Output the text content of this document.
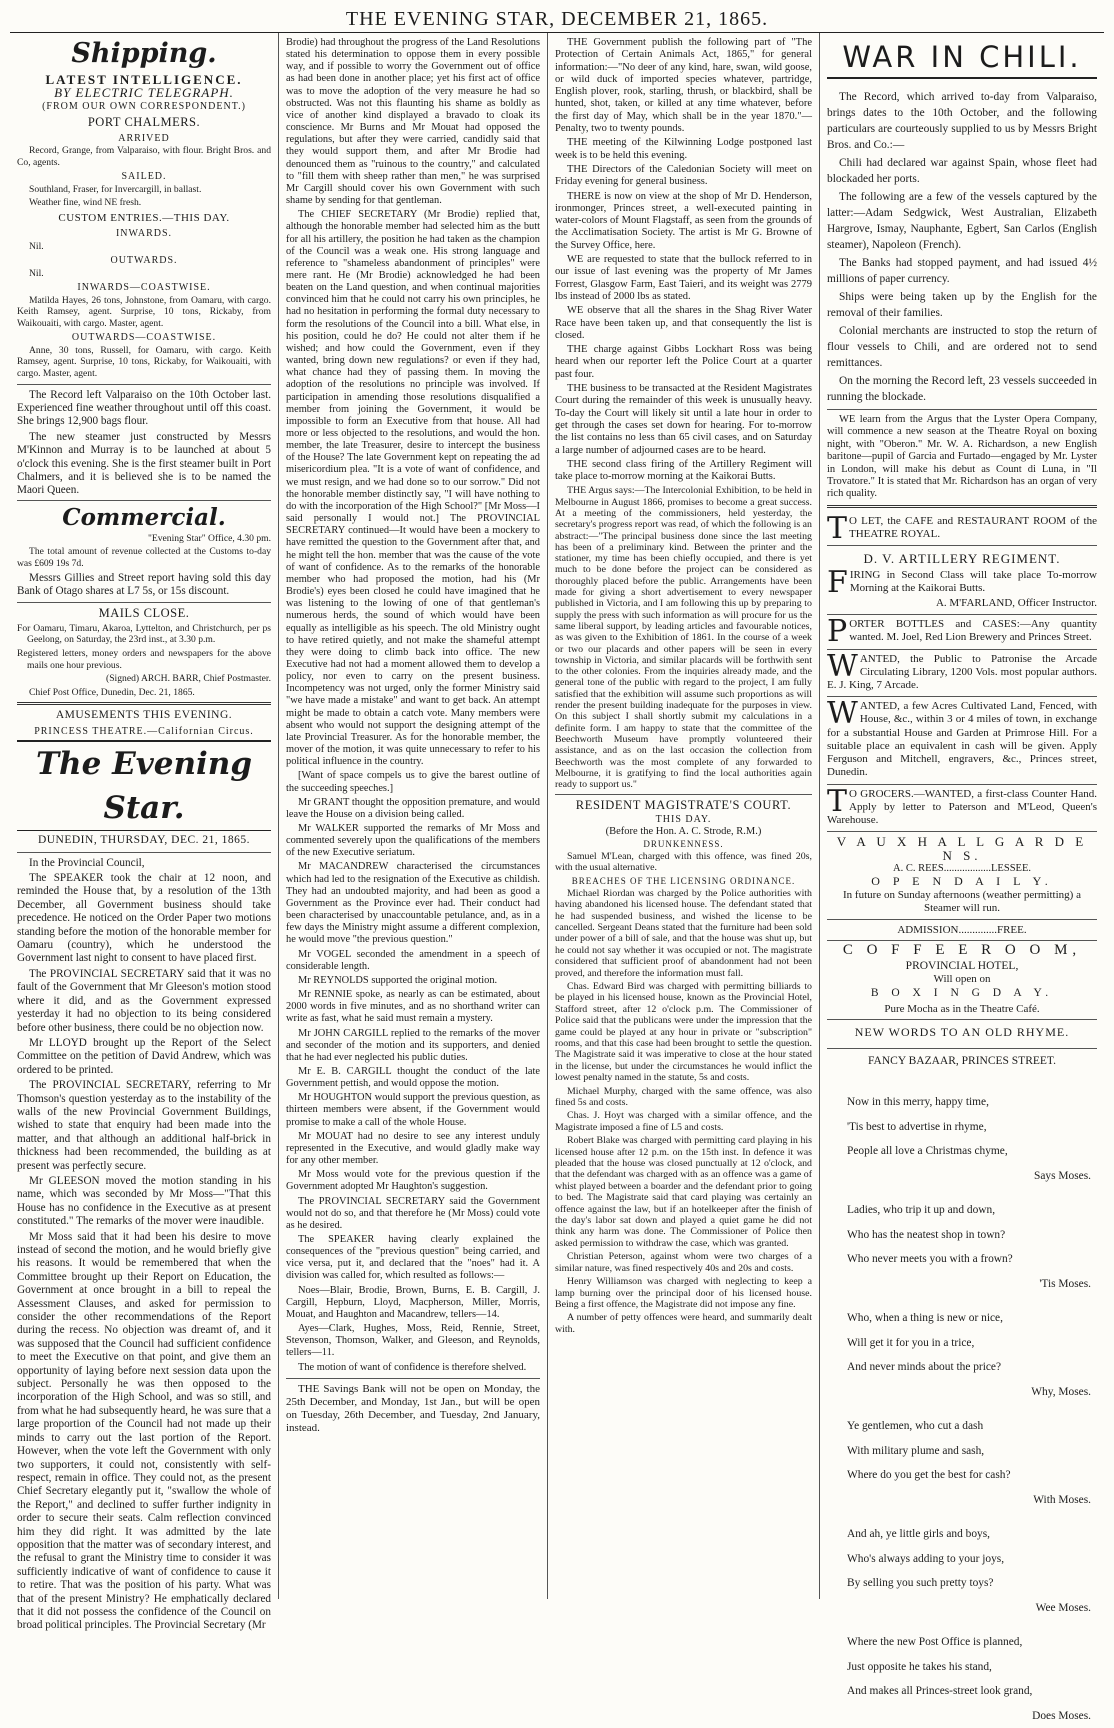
THE EVENING STAR, DECEMBER 21, 1865.
Shipping.
LATEST INTELLIGENCE.
BY ELECTRIC TELEGRAPH.
(FROM OUR OWN CORRESPONDENT.)
PORT CHALMERS.
ARRIVED

Record, Grange, from Valparaiso, with flour. Bright Bros. and Co, agents.

SAILED.

Southland, Fraser, for Invercargill, in ballast.

Weather fine, wind NE fresh.

CUSTOM ENTRIES.—THIS DAY.
INWARDS.

Nil.

OUTWARDS.

Nil.

INWARDS—COASTWISE.

Matilda Hayes, 26 tons, Johnstone, from Oamaru, with cargo. Keith Ramsey, agent. Surprise, 10 tons, Rickaby, from Waikouaiti, with cargo. Master, agent.

OUTWARDS—COASTWISE.

Anne, 30 tons, Russell, for Oamaru, with cargo. Keith Ramsey, agent. Surprise, 10 tons, Rickaby, for Waikouaiti, with cargo. Master, agent.

The Record left Valparaiso on the 10th October last. Experienced fine weather throughout until off this coast. She brings 12,900 bags flour.

The new steamer just constructed by Messrs M'Kinnon and Murray is to be launched at about 5 o'clock this evening. She is the first steamer built in Port Chalmers, and it is believed she is to be named the Maori Queen.

Commercial.

"Evening Star" Office, 4.30 pm.

The total amount of revenue collected at the Customs to-day was £609 19s 7d.

Messrs Gillies and Street report having sold this day Bank of Otago shares at L7 5s, or 15s discount.

MAILS CLOSE.

For Oamaru, Timaru, Akaroa, Lyttelton, and Christchurch, per ps Geelong, on Saturday, the 23rd inst., at 3.30 p.m.

Registered letters, money orders and newspapers for the above mails one hour previous.

(Signed) ARCH. BARR, Chief Postmaster.

Chief Post Office, Dunedin, Dec. 21, 1865.

AMUSEMENTS THIS EVENING.
PRINCESS THEATRE.—Californian Circus.
The Evening Star.
DUNEDIN, THURSDAY, DEC. 21, 1865.

In the Provincial Council,

The SPEAKER took the chair at 12 noon, and reminded the House that, by a resolution of the 13th December, all Government business should take precedence. He noticed on the Order Paper two motions standing before the motion of the honorable member for Oamaru (country), which he understood the Government last night to consent to have placed first.

The PROVINCIAL SECRETARY said that it was no fault of the Government that Mr Gleeson's motion stood where it did, and as the Government expressed yesterday it had no objection to its being considered before other business, there could be no objection now.

Mr LLOYD brought up the Report of the Select Committee on the petition of David Andrew, which was ordered to be printed.

The PROVINCIAL SECRETARY, referring to Mr Thomson's question yesterday as to the instability of the walls of the new Provincial Government Buildings, wished to state that enquiry had been made into the matter, and that although an additional half-brick in thickness had been recommended, the building as at present was perfectly secure.

Mr GLEESON moved the motion standing in his name, which was seconded by Mr Moss—"That this House has no confidence in the Executive as at present constituted." The remarks of the mover were inaudible.

Mr Moss said that it had been his desire to move instead of second the motion, and he would briefly give his reasons. It would be remembered that when the Committee brought up their Report on Education, the Government at once brought in a bill to repeal the Assessment Clauses, and asked for permission to consider the other recommendations of the Report during the recess. No objection was dreamt of, and it was supposed that the Council had sufficient confidence to meet the Executive on that point, and give them an opportunity of laying before next session data upon the subject. Personally he was then opposed to the incorporation of the High School, and was so still, and from what he had subsequently heard, he was sure that a large proportion of the Council had not made up their minds to carry out the last portion of the Report. However, when the vote left the Government with only two supporters, it could not, consistently with self-respect, remain in office. They could not, as the present Chief Secretary elegantly put it, "swallow the whole of the Report," and declined to suffer further indignity in order to secure their seats. Calm reflection convinced him they did right. It was admitted by the late opposition that the matter was of secondary interest, and the refusal to grant the Ministry time to consider it was sufficiently indicative of want of confidence to cause it to retire. That was the position of his party. What was that of the present Ministry? He emphatically declared that it did not possess the confidence of the Council on broad political principles. The Provincial Secretary (Mr

Brodie) had throughout the progress of the Land Resolutions stated his determination to oppose them in every possible way, and if possible to worry the Government out of office as had been done in another place; yet his first act of office was to move the adoption of the very measure he had so obstructed. Was not this flaunting his shame as boldly as vice of another kind displayed a bravado to cloak its conscience. Mr Burns and Mr Mouat had opposed the regulations, but after they were carried, candidly said that they would support them, and after Mr Brodie had denounced them as "ruinous to the country," and calculated to "fill them with sheep rather than men," he was surprised Mr Cargill should cover his own Government with such shame by sending for that gentleman.

The CHIEF SECRETARY (Mr Brodie) replied that, although the honorable member had selected him as the butt for all his artillery, the position he had taken as the champion of the Council was a weak one. His strong language and reference to "shameless abandonment of principles" were mere rant. He (Mr Brodie) acknowledged he had been beaten on the Land question, and when continual majorities convinced him that he could not carry his own principles, he had no hesitation in performing the formal duty necessary to form the resolutions of the Council into a bill. What else, in his position, could he do? He could not alter them if he wished; and how could the Government, even if they wanted, bring down new regulations? or even if they had, what chance had they of passing them. In moving the adoption of the resolutions no principle was involved. If participation in amending those resolutions disqualified a member from joining the Government, it would be impossible to form an Executive from that house. All had more or less objected to the resolutions, and would the hon. member, the late Treasurer, desire to intercept the business of the House? The late Government kept on repeating the ad misericordium plea. "It is a vote of want of confidence, and we must resign, and we had done so to our sorrow." Did not the honorable member distinctly say, "I will have nothing to do with the incorporation of the High School?" [Mr Moss—I said personally I would not.] The PROVINCIAL SECRETARY continued—It would have been a mockery to have remitted the question to the Government after that, and he might tell the hon. member that was the cause of the vote of want of confidence. As to the remarks of the honorable member who had proposed the motion, had his (Mr Brodie's) eyes been closed he could have imagined that he was listening to the lowing of one of that gentleman's numerous herds, the sound of which would have been equally as intelligible as his speech. The old Ministry ought to have retired quietly, and not make the shameful attempt they were doing to climb back into office. The new Executive had not had a moment allowed them to develop a policy, nor even to carry on the present business. Incompetency was not urged, only the former Ministry said "we have made a mistake" and want to get back. An attempt might be made to obtain a catch vote. Many members were absent who would not support the designing attempt of the late Provincial Treasurer. As for the honorable member, the mover of the motion, it was quite unnecessary to refer to his political influence in the country.

[Want of space compels us to give the barest outline of the succeeding speeches.]

Mr GRANT thought the opposition premature, and would leave the House on a division being called.

Mr WALKER supported the remarks of Mr Moss and commented severely upon the qualifications of the members of the new Executive seriatum.

Mr MACANDREW characterised the circumstances which had led to the resignation of the Executive as childish. They had an undoubted majority, and had been as good a Government as the Province ever had. Their conduct had been characterised by unaccountable petulance, and, as in a few days the Ministry might assume a different complexion, he would move "the previous question."

Mr VOGEL seconded the amendment in a speech of considerable length.

Mr REYNOLDS supported the original motion.

Mr RENNIE spoke, as nearly as can be estimated, about 2000 words in five minutes, and as no shorthand writer can write as fast, what he said must remain a mystery.

Mr JOHN CARGILL replied to the remarks of the mover and seconder of the motion and its supporters, and denied that he had ever neglected his public duties.

Mr E. B. CARGILL thought the conduct of the late Government pettish, and would oppose the motion.

Mr HOUGHTON would support the previous question, as thirteen members were absent, if the Government would promise to make a call of the whole House.

Mr MOUAT had no desire to see any interest unduly represented in the Executive, and would gladly make way for any other member.

Mr Moss would vote for the previous question if the Government adopted Mr Haughton's suggestion.

The PROVINCIAL SECRETARY said the Government would not do so, and that therefore he (Mr Moss) could vote as he desired.

The SPEAKER having clearly explained the consequences of the "previous question" being carried, and vice versa, put it, and declared that the "noes" had it. A division was called for, which resulted as follows:—

Noes—Blair, Brodie, Brown, Burns, E. B. Cargill, J. Cargill, Hepburn, Lloyd, Macpherson, Miller, Morris, Mouat, and Haughton and Macandrew, tellers—14.

Ayes—Clark, Hughes, Moss, Reid, Rennie, Street, Stevenson, Thomson, Walker, and Gleeson, and Reynolds, tellers—11.

The motion of want of confidence is therefore shelved.

THE Savings Bank will not be open on Monday, the 25th December, and Monday, 1st Jan., but will be open on Tuesday, 26th December, and Tuesday, 2nd January, instead.

THE Government publish the following part of "The Protection of Certain Animals Act, 1865," for general information:—"No deer of any kind, hare, swan, wild goose, or wild duck of imported species whatever, partridge, English plover, rook, starling, thrush, or blackbird, shall be hunted, shot, taken, or killed at any time whatever, before the first day of May, which shall be in the year 1870."—Penalty, two to twenty pounds.

THE meeting of the Kilwinning Lodge postponed last week is to be held this evening.

THE Directors of the Caledonian Society will meet on Friday evening for general business.

THERE is now on view at the shop of Mr D. Henderson, ironmonger, Princes street, a well-executed painting in water-colors of Mount Flagstaff, as seen from the grounds of the Acclimatisation Society. The artist is Mr G. Browne of the Survey Office, here.

WE are requested to state that the bullock referred to in our issue of last evening was the property of Mr James Forrest, Glasgow Farm, East Taieri, and its weight was 2779 lbs instead of 2000 lbs as stated.

WE observe that all the shares in the Shag River Water Race have been taken up, and that consequently the list is closed.

THE charge against Gibbs Lockhart Ross was being heard when our reporter left the Police Court at a quarter past four.

THE business to be transacted at the Resident Magistrates Court during the remainder of this week is unusually heavy. To-day the Court will likely sit until a late hour in order to get through the cases set down for hearing. For to-morrow the list contains no less than 65 civil cases, and on Saturday a large number of adjourned cases are to be heard.

THE second class firing of the Artillery Regiment will take place to-morrow morning at the Kaikorai Butts.

THE Argus says:—The Intercolonial Exhibition, to be held in Melbourne in August 1866, promises to become a great success. At a meeting of the commissioners, held yesterday, the secretary's progress report was read, of which the following is an abstract:—"The principal business done since the last meeting has been of a preliminary kind. Between the printer and the stationer, my time has been chiefly occupied, and there is yet much to be done before the project can be considered as thoroughly placed before the public. Arrangements have been made for giving a short advertisement to every newspaper published in Victoria, and I am following this up by preparing to supply the press with such information as will procure for us the same liberal support, by leading articles and favourable notices, as was given to the Exhibition of 1861. In the course of a week or two our placards and other papers will be seen in every township in Victoria, and similar placards will be forthwith sent to the other colonies. From the inquiries already made, and the general tone of the public with regard to the project, I am fully satisfied that the exhibition will assume such proportions as will render the present building inadequate for the purposes in view. On this subject I shall shortly submit my calculations in a definite form. I am happy to state that the committee of the Beechworth Museum have promptly volunteered their assistance, and as on the last occasion the collection from Beechworth was the most complete of any forwarded to Melbourne, it is gratifying to find the local authorities again ready to support us."

RESIDENT MAGISTRATE'S COURT.
THIS DAY.
(Before the Hon. A. C. Strode, R.M.)
DRUNKENNESS.

Samuel M'Lean, charged with this offence, was fined 20s, with the usual alternative.

BREACHES OF THE LICENSING ORDINANCE.

Michael Riordan was charged by the Police authorities with having abandoned his licensed house. The defendant stated that he had suspended business, and wished the license to be cancelled. Sergeant Deans stated that the furniture had been sold under power of a bill of sale, and that the house was shut up, but he could not say whether it was occupied or not. The magistrate considered that sufficient proof of abandonment had not been proved, and therefore the information must fall.

Chas. Edward Bird was charged with permitting billiards to be played in his licensed house, known as the Provincial Hotel, Stafford street, after 12 o'clock p.m. The Commissioner of Police said that the publicans were under the impression that the game could be played at any hour in private or "subscription" rooms, and that this case had been brought to settle the question. The Magistrate said it was imperative to close at the hour stated in the license, but under the circumstances he would inflict the lowest penalty named in the statute, 5s and costs.

Michael Murphy, charged with the same offence, was also fined 5s and costs.

Chas. J. Hoyt was charged with a similar offence, and the Magistrate imposed a fine of L5 and costs.

Robert Blake was charged with permitting card playing in his licensed house after 12 p.m. on the 15th inst. In defence it was pleaded that the house was closed punctually at 12 o'clock, and that the defendant was charged with as an offence was a game of whist played between a boarder and the defendant prior to going to bed. The Magistrate said that card playing was certainly an offence against the law, but if an hotelkeeper after the finish of the day's labor sat down and played a quiet game he did not think any harm was done. The Commissioner of Police then asked permission to withdraw the case, which was granted.

Christian Peterson, against whom were two charges of a similar nature, was fined respectively 40s and 20s and costs.

Henry Williamson was charged with neglecting to keep a lamp burning over the principal door of his licensed house. Being a first offence, the Magistrate did not impose any fine.

A number of petty offences were heard, and summarily dealt with.

WAR IN CHILI.

The Record, which arrived to-day from Valparaiso, brings dates to the 10th October, and the following particulars are courteously supplied to us by Messrs Bright Bros. and Co.:—

Chili had declared war against Spain, whose fleet had blockaded her ports.

The following are a few of the vessels captured by the latter:—Adam Sedgwick, West Australian, Elizabeth Hargrove, Ismay, Nauphante, Egbert, San Carlos (English steamer), Napoleon (French).

The Banks had stopped payment, and had issued 4½ millions of paper currency.

Ships were being taken up by the English for the removal of their families.

Colonial merchants are instructed to stop the return of flour vessels to Chili, and are ordered not to send remittances.

On the morning the Record left, 23 vessels succeeded in running the blockade.

WE learn from the Argus that the Lyster Opera Company, will commence a new season at the Theatre Royal on boxing night, with "Oberon." Mr. W. A. Richardson, a new English baritone—pupil of Garcia and Furtado—engaged by Mr. Lyster in London, will make his debut as Count di Luna, in "Il Trovatore." It is stated that Mr. Richardson has an organ of very rich quality.

T O LET, the CAFE and RESTAURANT ROOM of the THEATRE ROYAL.

D. V. ARTILLERY REGIMENT.

FIRING in Second Class will take place To-morrow Morning at the Kaikorai Butts.

A. M'FARLAND, Officer Instructor.

PORTER BOTTLES and CASES:—Any quantity wanted. M. Joel, Red Lion Brewery and Princes Street.

WANTED, the Public to Patronise the Arcade Circulating Library, 1200 Vols. most popular authors. E. J. King, 7 Arcade.

WANTED, a few Acres Cultivated Land, Fenced, with House, &c., within 3 or 4 miles of town, in exchange for a substantial House and Garden at Primrose Hill. For a suitable place an equivalent in cash will be given. Apply Ferguson and Mitchell, engravers, &c., Princes street, Dunedin.

T O GROCERS.—WANTED, a first-class Counter Hand. Apply by letter to Paterson and M'Leod, Queen's Warehouse.

V A U X H A L L G A R D E N S.
A. C. REES..................LESSEE.
O P E N D A I L Y.

In future on Sunday afternoons (weather permitting) a Steamer will run.

ADMISSION..............FREE.
C O F F E E R O O M,
PROVINCIAL HOTEL,
Will open on
B O X I N G D A Y.
Pure Mocha as in the Theatre Café.
NEW WORDS TO AN OLD RHYME.
FANCY BAZAAR, PRINCES STREET.
Now in this merry, happy time,
'Tis best to advertise in rhyme,
People all love a Christmas chyme,
Says Moses.
Ladies, who trip it up and down,
Who has the neatest shop in town?
Who never meets you with a frown?
'Tis Moses.
Who, when a thing is new or nice,
Will get it for you in a trice,
And never minds about the price?
Why, Moses.
Ye gentlemen, who cut a dash
With military plume and sash,
Where do you get the best for cash?
With Moses.
And ah, ye little girls and boys,
Who's always adding to your joys,
By selling you such pretty toys?
Wee Moses.
Where the new Post Office is planned,
Just opposite he takes his stand,
And makes all Princes-street look grand,
Does Moses.
